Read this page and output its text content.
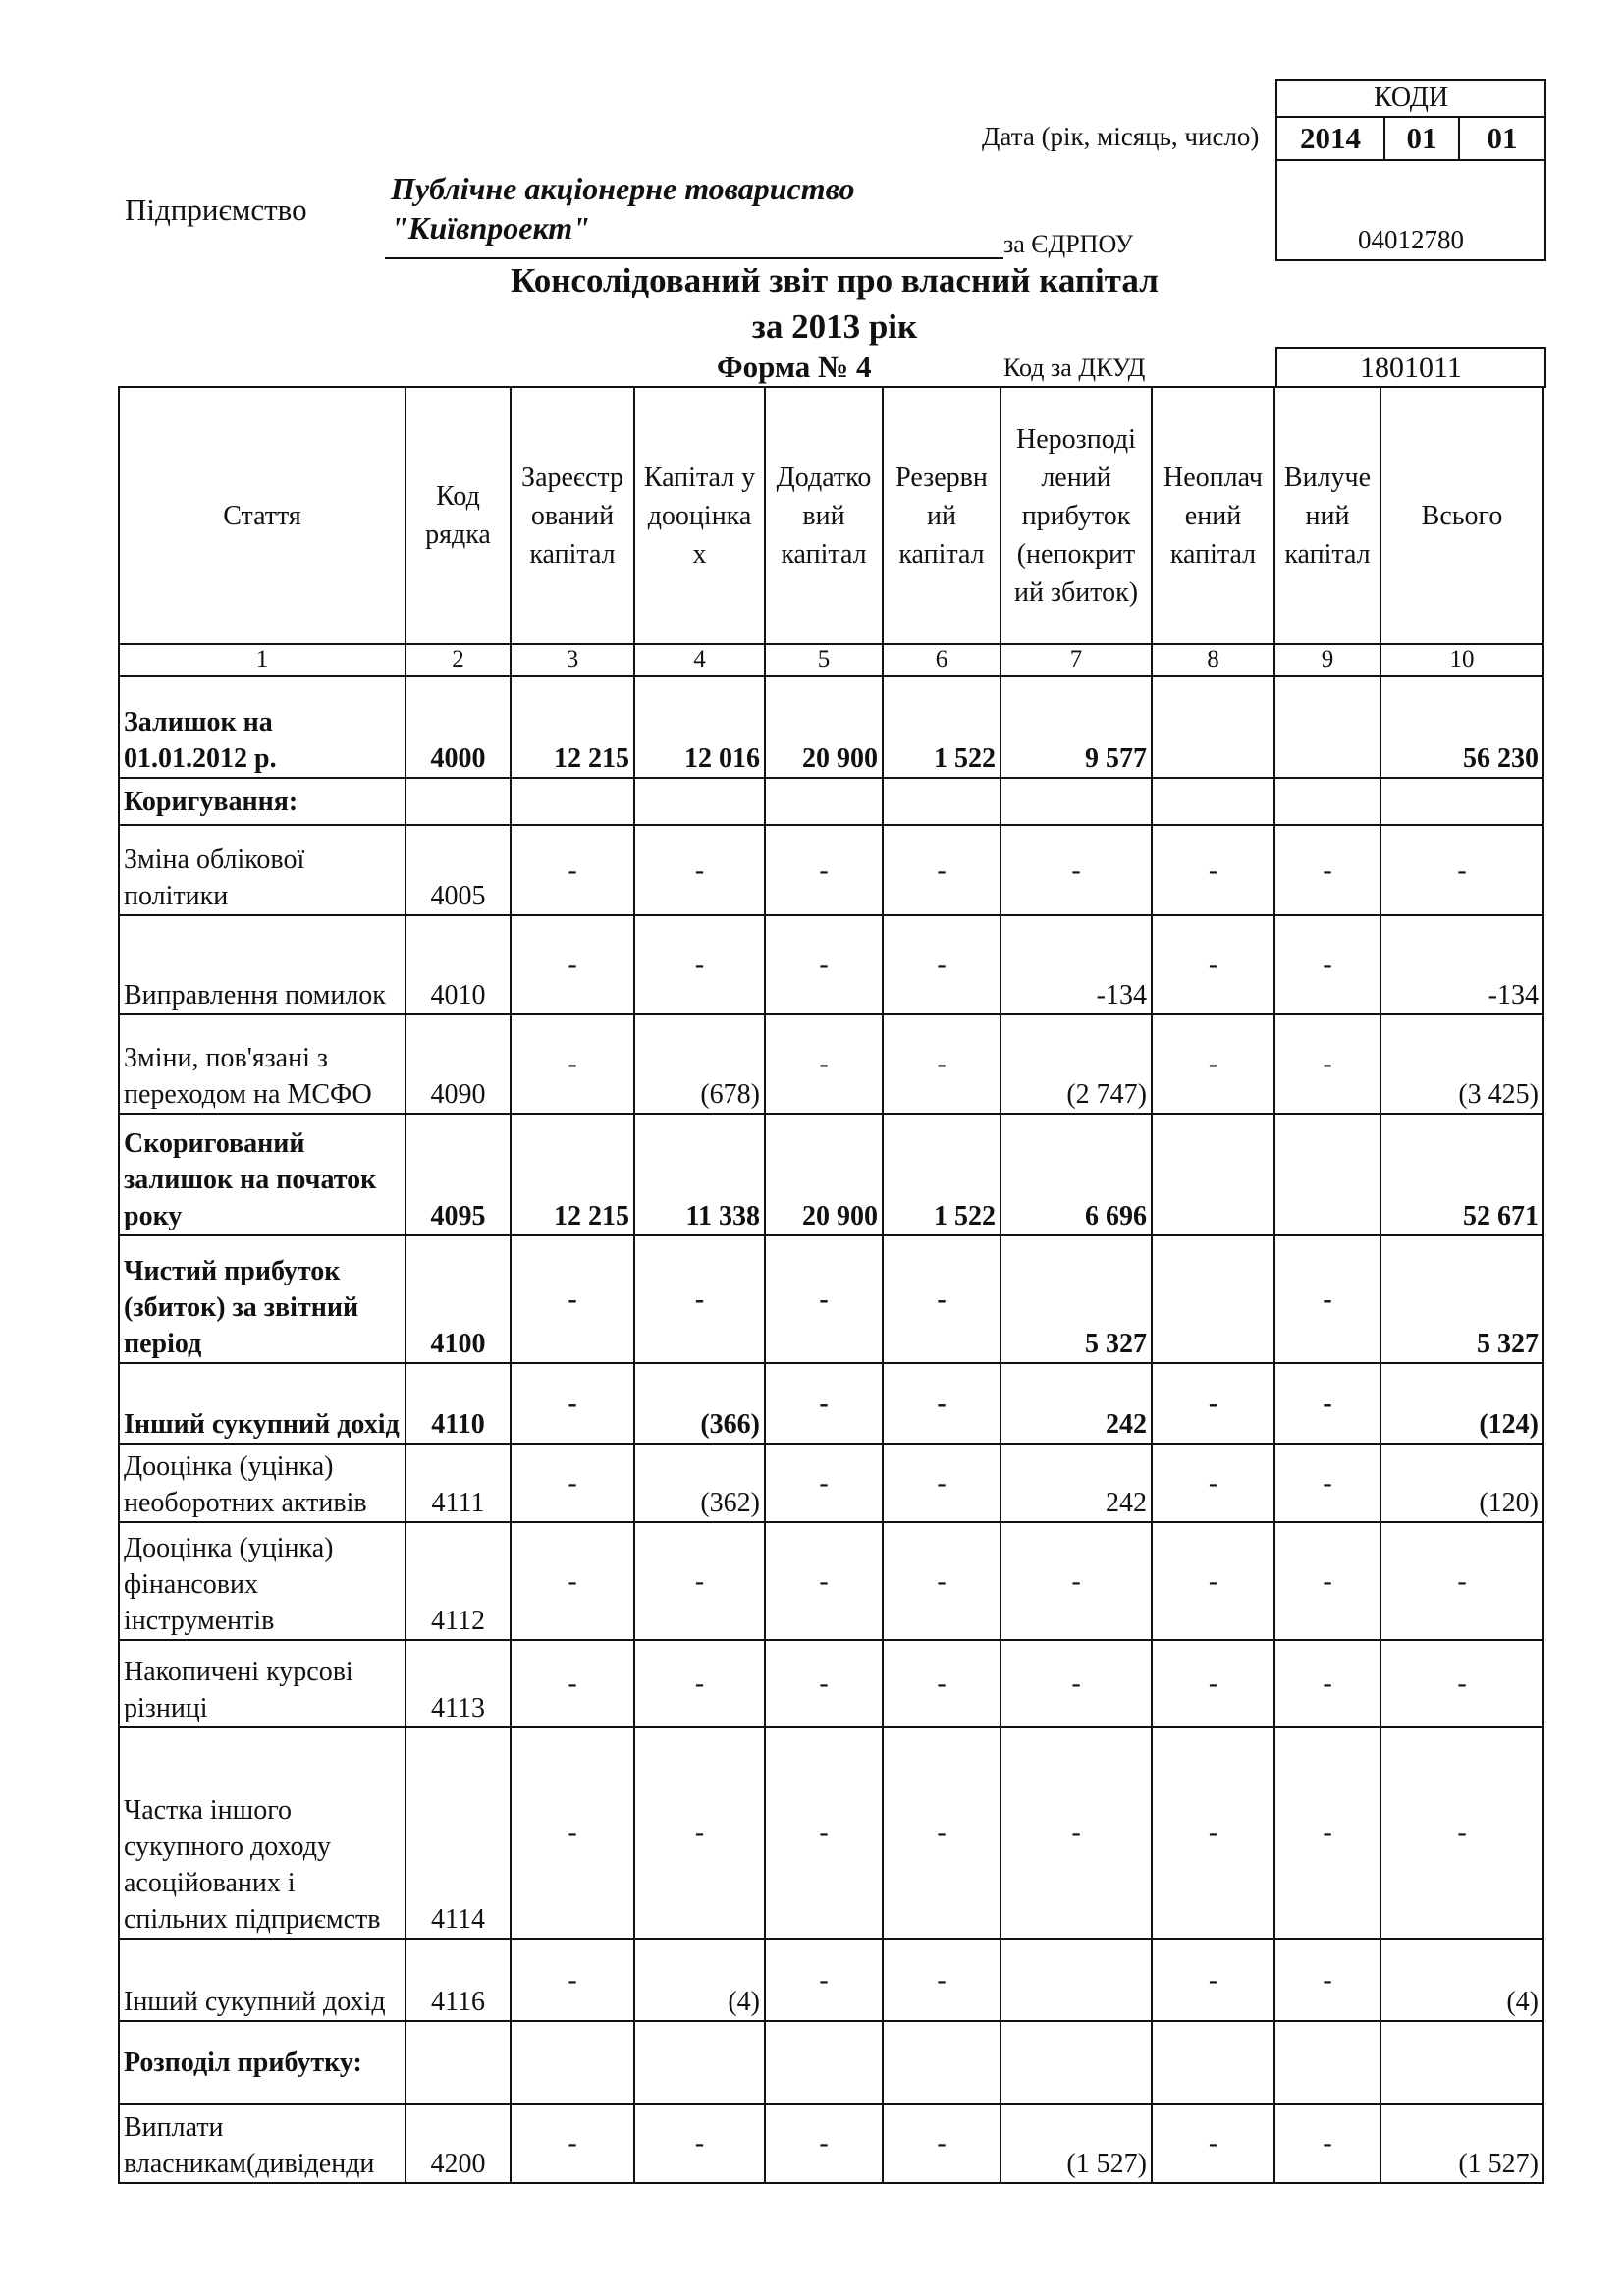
КОДИ
2014	01	01
04012780
Дата (рік, місяць, число)
Підприємство
Публічне акціонерне товариство
"Київпроект"	за ЄДРПОУ
Консолідований звіт про власний капітал
за 2013 рік
Форма № 4	Код за ДКУД	1801011
Стаття	Код рядка	Зареєстр ований капітал	Капітал у дооцінка х	Додатко вий капітал	Резервн ий капітал	Нерозподі лений прибуток (непокрит ий збиток)	Неоплач ений капітал	Вилуче ний капітал	Всього
1	2	3	4	5	6	7	8	9	10
Залишок на 01.01.2012 р.	4000	12 215	12 016	20 900	1 522	9 577			56 230
Коригування:									
Зміна облікової політики	4005	-	-	-	-	-	-	-	-
Виправлення помилок	4010	-	-	-	-	-134	-	-	-134
Зміни, пов'язані з переходом на МСФО	4090	-	(678)	-	-	(2 747)	-	-	(3 425)
Скоригований залишок на початок року	4095	12 215	11 338	20 900	1 522	6 696			52 671
Чистий прибуток (збиток) за звітний період	4100	-	-	-	-	5 327		-	5 327
Інший сукупний дохід	4110	-	(366)	-	-	242	-	-	(124)
Дооцінка (уцінка) необоротних активів	4111	-	(362)	-	-	242	-	-	(120)
Дооцінка (уцінка) фінансових інструментів	4112	-	-	-	-	-	-	-	-
Накопичені курсові різниці	4113	-	-	-	-	-	-	-	-
Частка іншого сукупного доходу асоційованих і спільних підприємств	4114	-	-	-	-	-	-	-	-
Інший сукупний дохід	4116	-	(4)	-	-		-	-	(4)
Розподіл прибутку:									
Виплати власникам(дивіденди	4200	-	-	-	-	(1 527)	-	-	(1 527)
